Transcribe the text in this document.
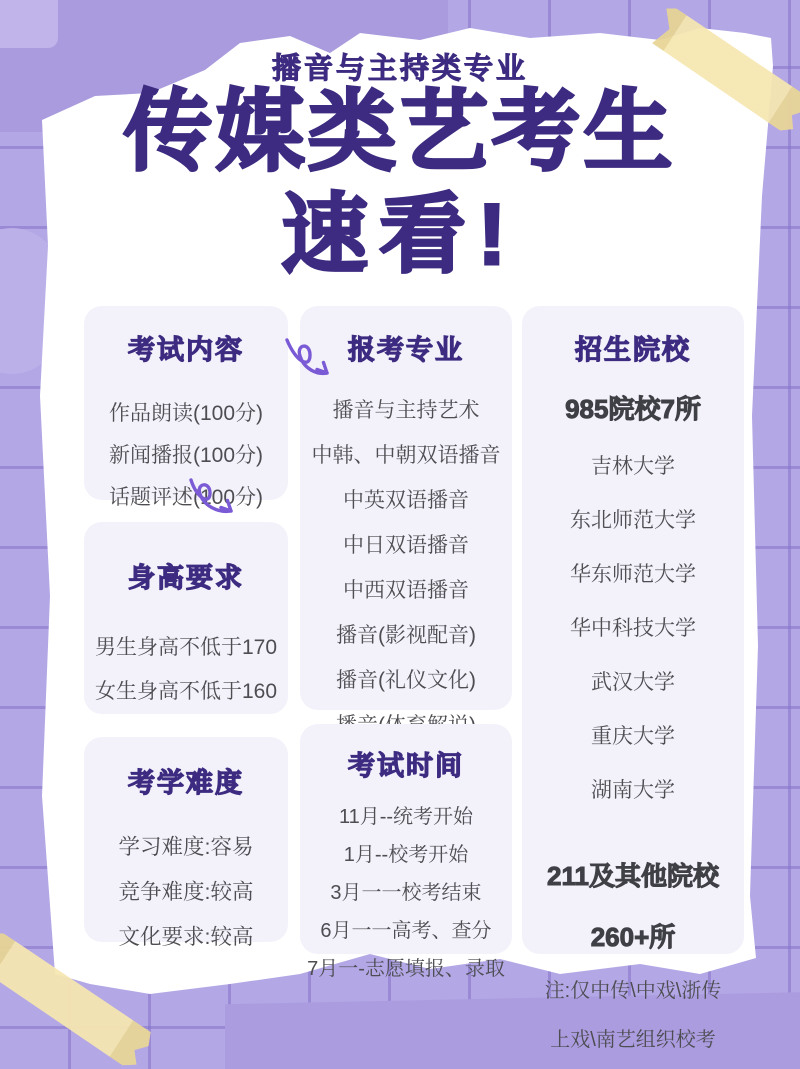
播音与主持类专业
传媒类艺考生
速看!
考试内容
作品朗读(100分)
新闻播报(100分)
话题评述(100分)
身高要求
男生身高不低于170
女生身高不低于160
考学难度
学习难度:容易
竞争难度:较高
文化要求:较高
报考专业
播音与主持艺术
中韩、中朝双语播音
中英双语播音
中日双语播音
中西双语播音
播音(影视配音)
播音(礼仪文化)
考试时间
11月--统考开始
1月--校考开始
3月一一校考结束
6月一一高考、查分
7月一-志愿填报、录取
招生院校
985院校7所
吉林大学
东北师范大学
华东师范大学
华中科技大学
武汉大学
重庆大学
湖南大学
211及其他院校
260+所
注:仅中传\中戏\浙传
上戏\南艺组织校考
